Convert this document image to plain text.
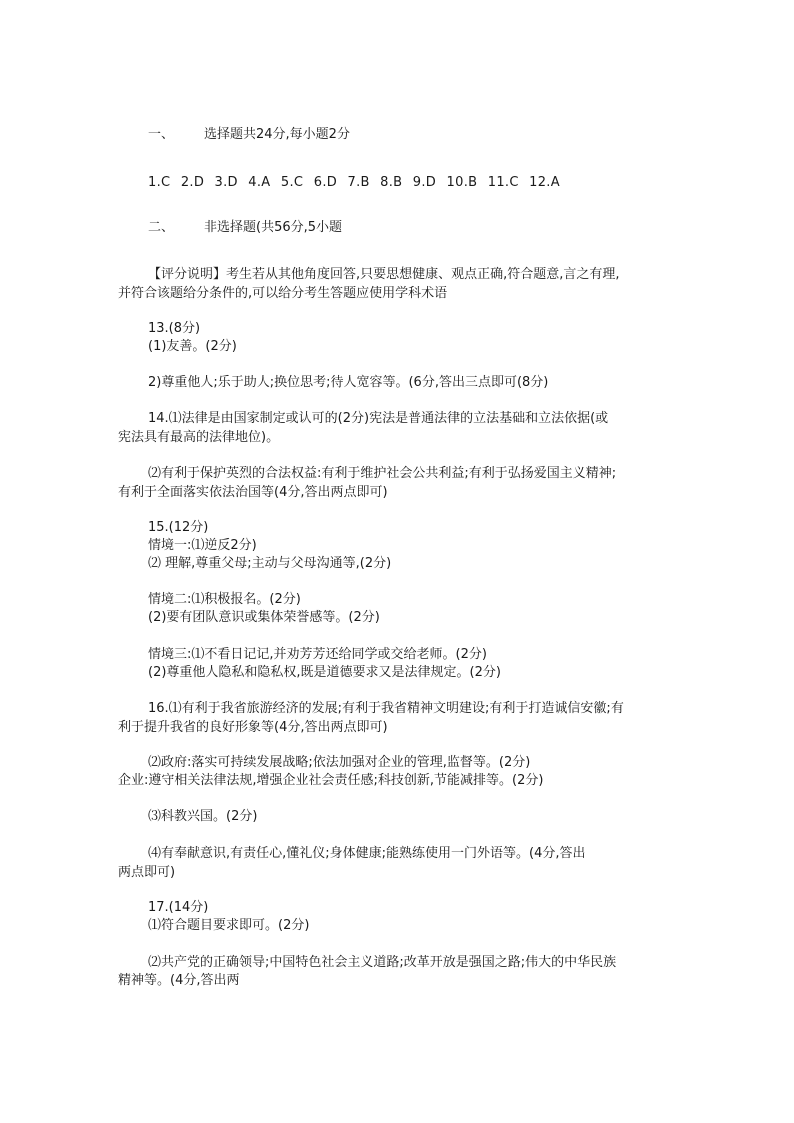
一、 选择题共24分,每小题2分
1.C 2.D 3.D 4.A 5.C 6.D 7.B 8.B 9.D 10.B 11.C 12.A
二、 非选择题(共56分,5小题
【评分说明】考生若从其他角度回答,只要思想健康、观点正确,符合题意,言之有理,
并符合该题给分条件的,可以给分考生答题应使用学科术语
13.(8分)
(1)友善。(2分)
2)尊重他人;乐于助人;换位思考;待人宽容等。(6分,答出三点即可(8分)
14.⑴法律是由国家制定或认可的(2分)宪法是普通法律的立法基础和立法依据(或
宪法具有最高的法律地位)。
⑵有利于保护英烈的合法权益:有利于维护社会公共利益;有利于弘扬爱国主义精神;
有利于全面落实依法治国等(4分,答出两点即可)
15.(12分)
情境一:⑴逆反2分)
⑵ 理解,尊重父母;主动与父母沟通等,(2分)
情境二:⑴积极报名。(2分)
(2)要有团队意识或集体荣誉感等。(2分)
情境三:⑴不看日记记,并劝芳芳还给同学或交给老师。(2分)
(2)尊重他人隐私和隐私权,既是道德要求又是法律规定。(2分)
16.⑴有利于我省旅游经济的发展;有利于我省精神文明建设;有利于打造诚信安徽;有
利于提升我省的良好形象等(4分,答出两点即可)
⑵政府:落实可持续发展战略;依法加强对企业的管理,监督等。(2分)
企业:遵守相关法律法规,增强企业社会责任感;科技创新,节能减排等。(2分)
⑶科教兴国。(2分)
⑷有奉献意识,有责任心,懂礼仪;身体健康;能熟练使用一门外语等。(4分,答出
两点即可)
17.(14分)
⑴符合题目要求即可。(2分)
⑵共产党的正确领导;中国特色社会主义道路;改革开放是强国之路;伟大的中华民族
精神等。(4分,答出两
